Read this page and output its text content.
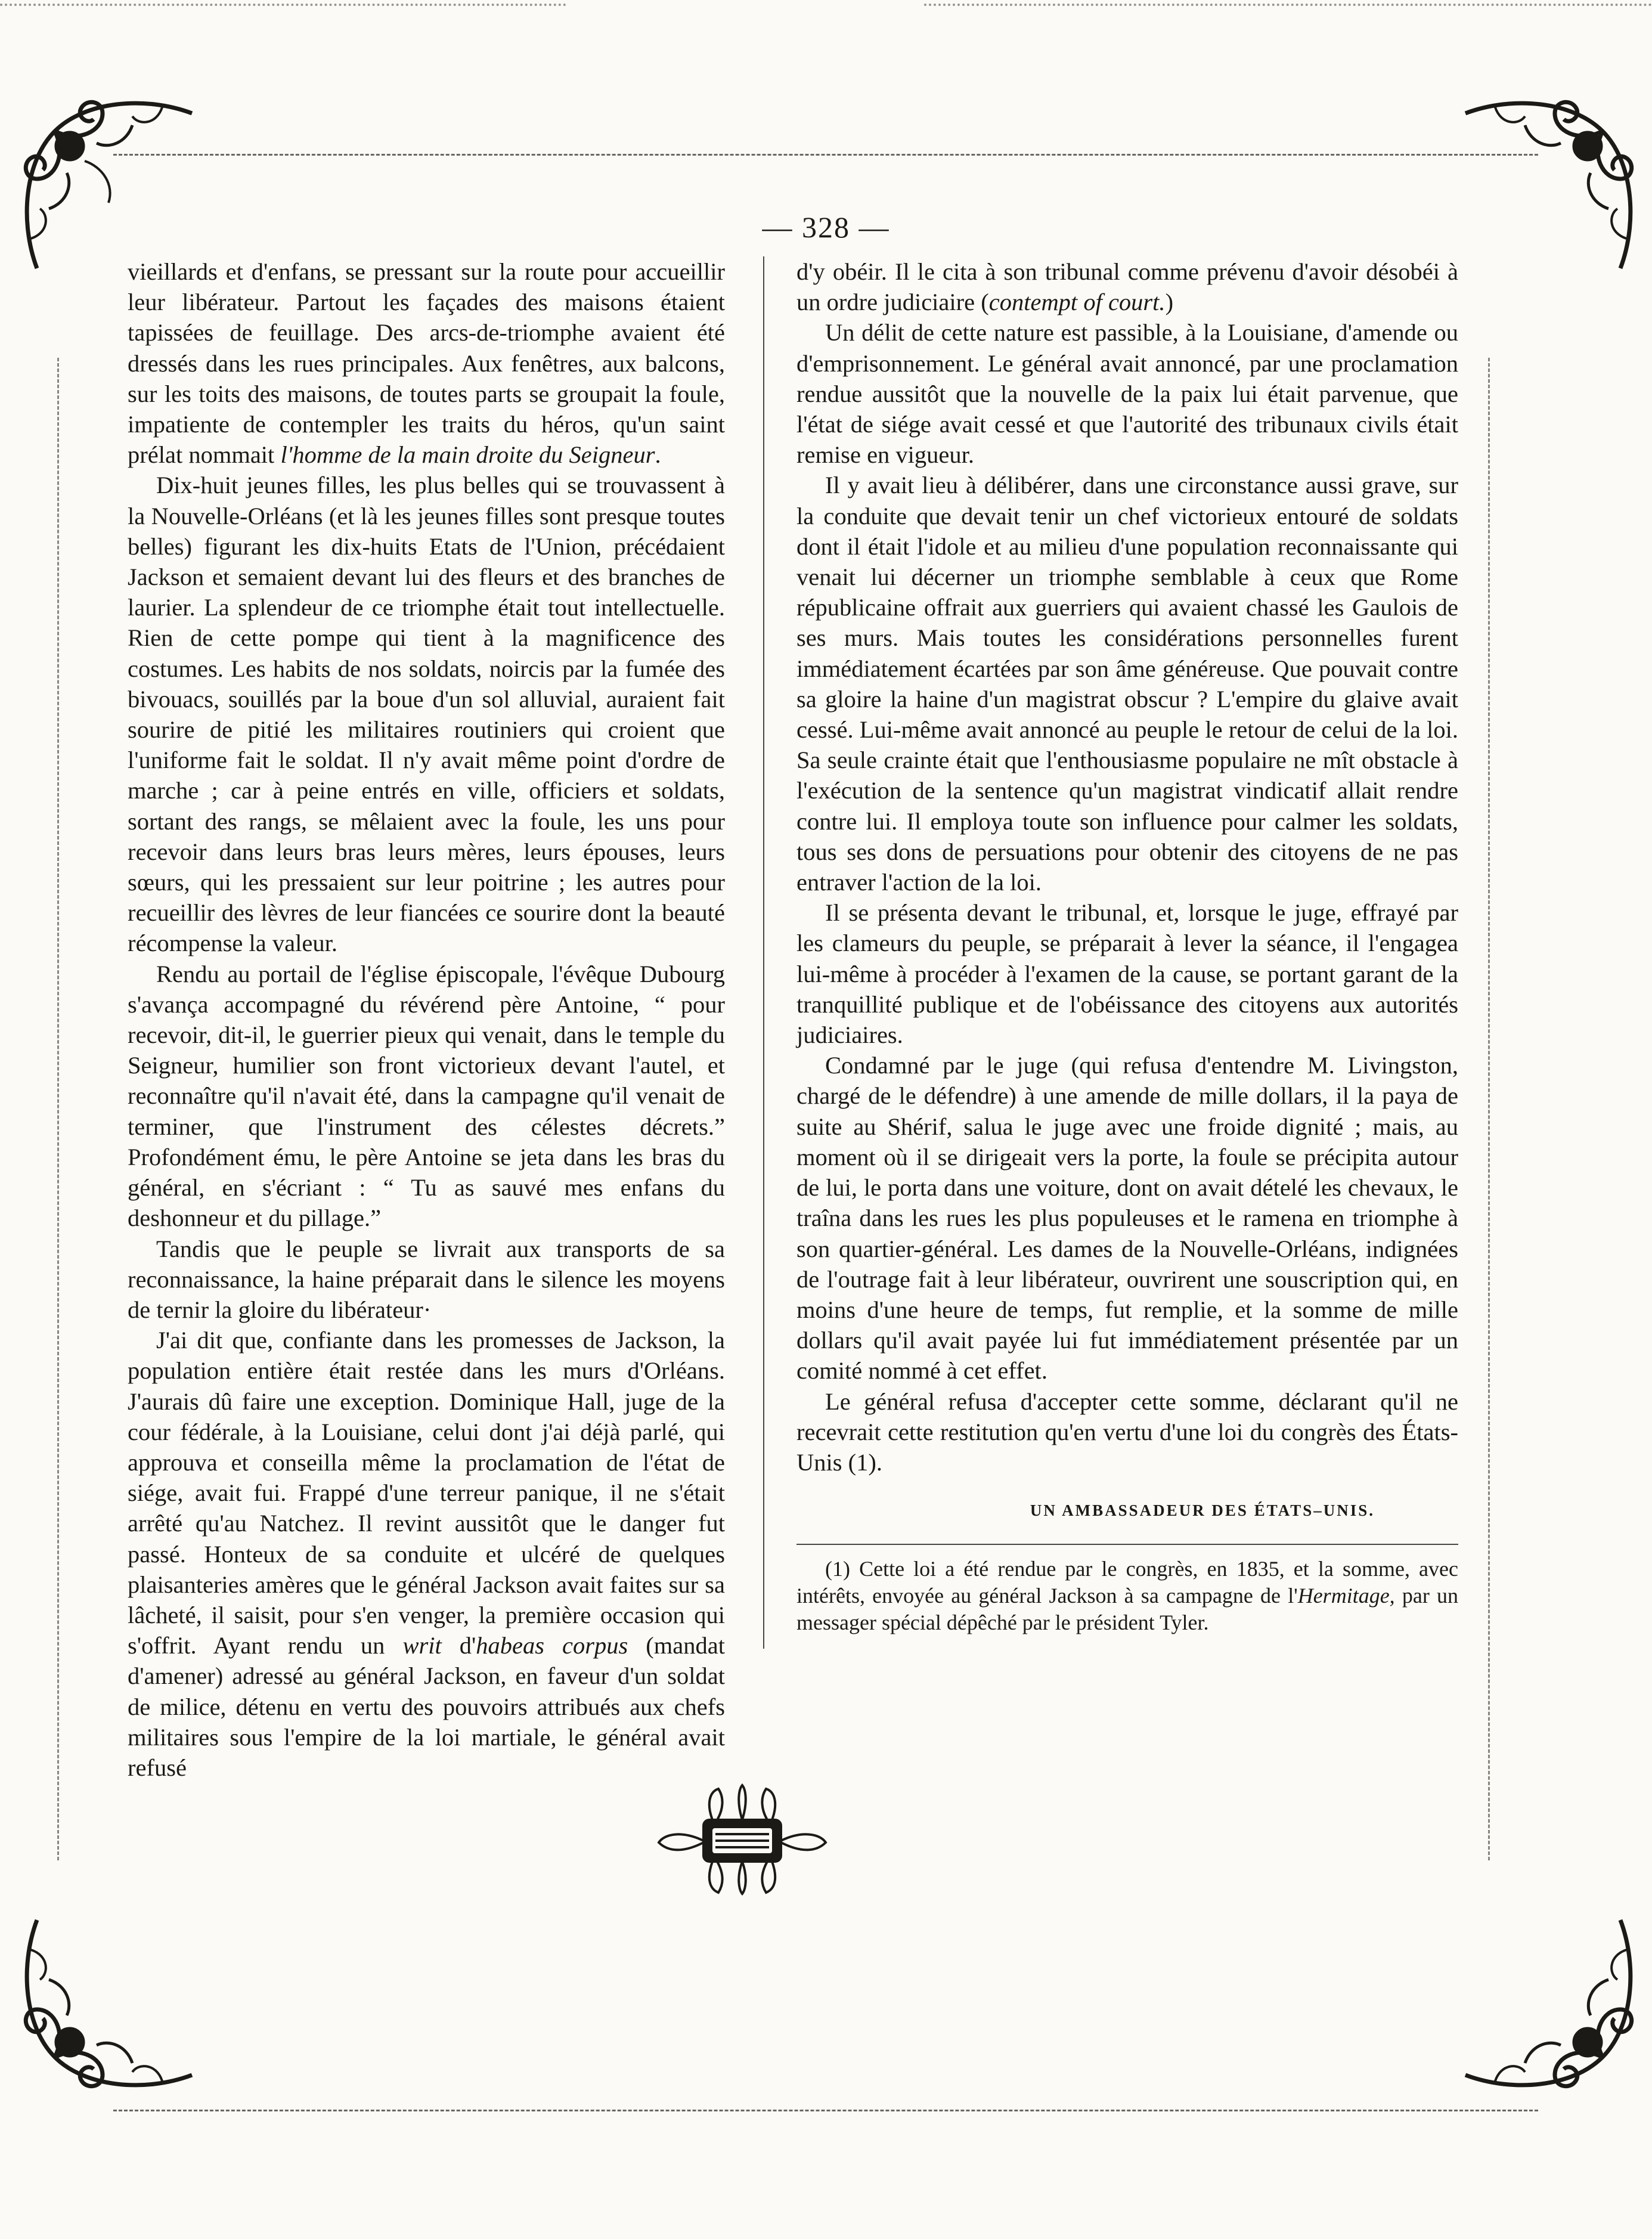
— 328 —

vieillards et d'enfans, se pressant sur la route pour accueillir leur libérateur. Partout les façades des maisons étaient tapissées de feuillage. Des arcs-de-triomphe avaient été dressés dans les rues principales. Aux fenêtres, aux balcons, sur les toits des maisons, de toutes parts se groupait la foule, impatiente de contempler les traits du héros, qu'un saint prélat nommait l'homme de la main droite du Seigneur.

Dix-huit jeunes filles, les plus belles qui se trouvassent à la Nouvelle-Orléans (et là les jeunes filles sont presque toutes belles) figurant les dix-huits Etats de l'Union, précédaient Jackson et semaient devant lui des fleurs et des branches de laurier. La splendeur de ce triomphe était tout intellectuelle. Rien de cette pompe qui tient à la magnificence des costumes. Les habits de nos soldats, noircis par la fumée des bivouacs, souillés par la boue d'un sol alluvial, auraient fait sourire de pitié les militaires routiniers qui croient que l'uniforme fait le soldat. Il n'y avait même point d'ordre de marche ; car à peine entrés en ville, officiers et soldats, sortant des rangs, se mêlaient avec la foule, les uns pour recevoir dans leurs bras leurs mères, leurs épouses, leurs sœurs, qui les pressaient sur leur poitrine ; les autres pour recueillir des lèvres de leur fiancées ce sourire dont la beauté récompense la valeur.

Rendu au portail de l'église épiscopale, l'évêque Dubourg s'avança accompagné du révérend père Antoine, “ pour recevoir, dit-il, le guerrier pieux qui venait, dans le temple du Seigneur, humilier son front victorieux devant l'autel, et reconnaître qu'il n'avait été, dans la campagne qu'il venait de terminer, que l'instrument des célestes décrets.” Profondément ému, le père Antoine se jeta dans les bras du général, en s'écriant : “ Tu as sauvé mes enfans du deshonneur et du pillage.”

Tandis que le peuple se livrait aux transports de sa reconnaissance, la haine préparait dans le silence les moyens de ternir la gloire du libérateur·

J'ai dit que, confiante dans les promesses de Jackson, la population entière était restée dans les murs d'Orléans. J'aurais dû faire une exception. Dominique Hall, juge de la cour fédérale, à la Louisiane, celui dont j'ai déjà parlé, qui approuva et conseilla même la proclamation de l'état de siége, avait fui. Frappé d'une terreur panique, il ne s'était arrêté qu'au Natchez. Il revint aussitôt que le danger fut passé. Honteux de sa conduite et ulcéré de quelques plaisanteries amères que le général Jackson avait faites sur sa lâcheté, il saisit, pour s'en venger, la première occasion qui s'offrit. Ayant rendu un writ d'habeas corpus (mandat d'amener) adressé au général Jackson, en faveur d'un soldat de milice, détenu en vertu des pouvoirs attribués aux chefs militaires sous l'empire de la loi martiale, le général avait refusé

d'y obéir. Il le cita à son tribunal comme prévenu d'avoir désobéi à un ordre judiciaire (contempt of court.)

Un délit de cette nature est passible, à la Louisiane, d'amende ou d'emprisonnement. Le général avait annoncé, par une proclamation rendue aussitôt que la nouvelle de la paix lui était parvenue, que l'état de siége avait cessé et que l'autorité des tribunaux civils était remise en vigueur.

Il y avait lieu à délibérer, dans une circonstance aussi grave, sur la conduite que devait tenir un chef victorieux entouré de soldats dont il était l'idole et au milieu d'une population reconnaissante qui venait lui décerner un triomphe semblable à ceux que Rome républicaine offrait aux guerriers qui avaient chassé les Gaulois de ses murs. Mais toutes les considérations personnelles furent immédiatement écartées par son âme généreuse. Que pouvait contre sa gloire la haine d'un magistrat obscur ? L'empire du glaive avait cessé. Lui-même avait annoncé au peuple le retour de celui de la loi. Sa seule crainte était que l'enthousiasme populaire ne mît obstacle à l'exécution de la sentence qu'un magistrat vindicatif allait rendre contre lui. Il employa toute son influence pour calmer les soldats, tous ses dons de persuations pour obtenir des citoyens de ne pas entraver l'action de la loi.

Il se présenta devant le tribunal, et, lorsque le juge, effrayé par les clameurs du peuple, se préparait à lever la séance, il l'engagea lui-même à procéder à l'examen de la cause, se portant garant de la tranquillité publique et de l'obéissance des citoyens aux autorités judiciaires.

Condamné par le juge (qui refusa d'entendre M. Livingston, chargé de le défendre) à une amende de mille dollars, il la paya de suite au Shérif, salua le juge avec une froide dignité ; mais, au moment où il se dirigeait vers la porte, la foule se précipita autour de lui, le porta dans une voiture, dont on avait dételé les chevaux, le traîna dans les rues les plus populeuses et le ramena en triomphe à son quartier-général. Les dames de la Nouvelle-Orléans, indignées de l'outrage fait à leur libérateur, ouvrirent une souscription qui, en moins d'une heure de temps, fut remplie, et la somme de mille dollars qu'il avait payée lui fut immédiatement présentée par un comité nommé à cet effet.

Le général refusa d'accepter cette somme, déclarant qu'il ne recevrait cette restitution qu'en vertu d'une loi du congrès des États-Unis (1).

UN AMBASSADEUR DES ÉTATS–UNIS.

(1) Cette loi a été rendue par le congrès, en 1835, et la somme, avec intérêts, envoyée au général Jackson à sa campagne de l'Hermitage, par un messager spécial dépêché par le président Tyler.
